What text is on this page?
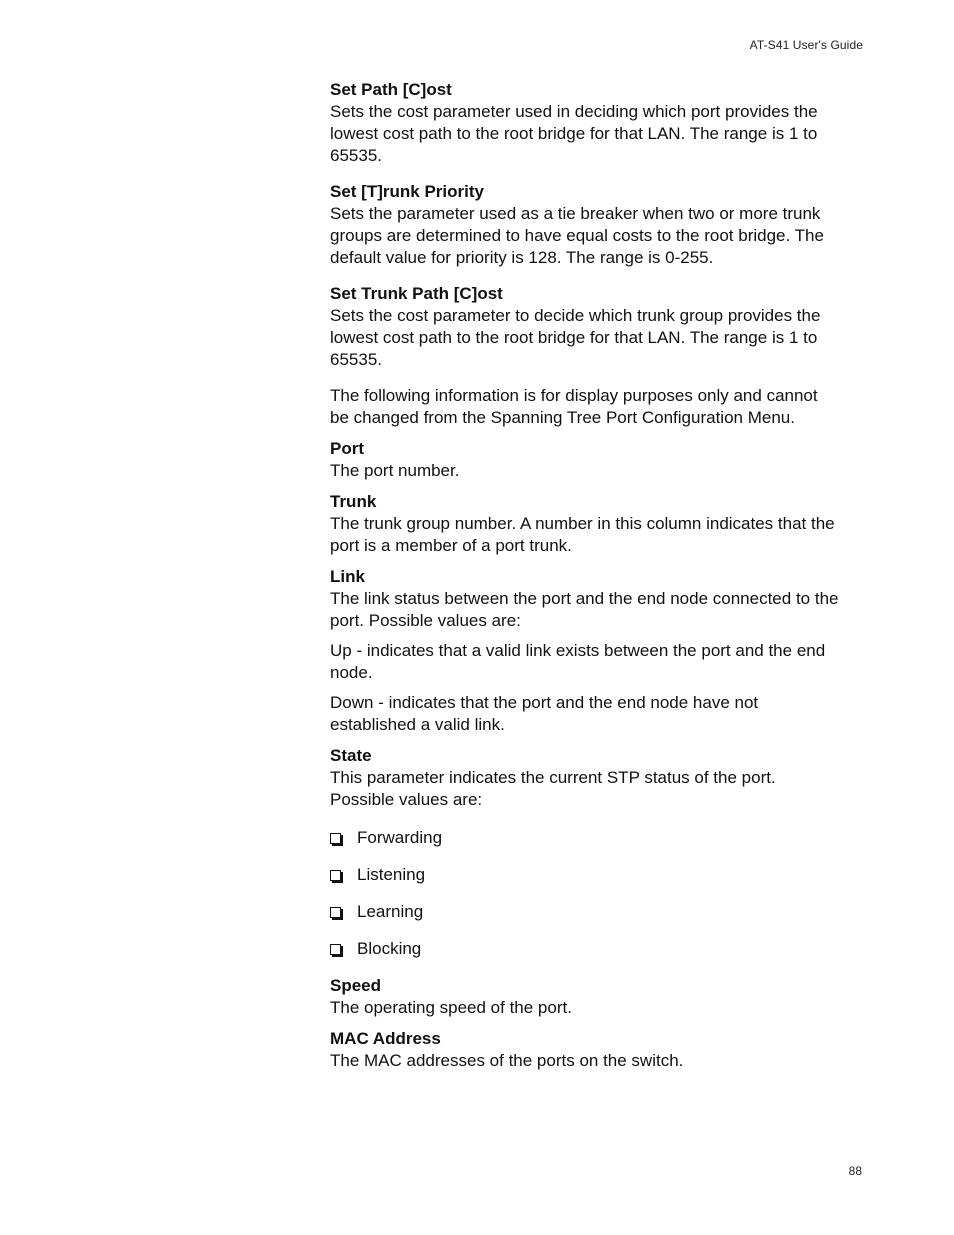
AT-S41 User's Guide
Set Path [C]ost

Sets the cost parameter used in deciding which port provides the lowest cost path to the root bridge for that LAN. The range is 1 to 65535.

Set [T]runk Priority

Sets the parameter used as a tie breaker when two or more trunk groups are determined to have equal costs to the root bridge. The default value for priority is 128. The range is 0-255.

Set Trunk Path [C]ost

Sets the cost parameter to decide which trunk group provides the lowest cost path to the root bridge for that LAN. The range is 1 to 65535.

The following information is for display purposes only and cannot be changed from the Spanning Tree Port Configuration Menu.

Port

The port number.

Trunk

The trunk group number. A number in this column indicates that the port is a member of a port trunk.

Link

The link status between the port and the end node connected to the port. Possible values are:

Up - indicates that a valid link exists between the port and the end node.

Down - indicates that the port and the end node have not established a valid link.

State

This parameter indicates the current STP status of the port. Possible values are:

Forwarding
Listening
Learning
Blocking
Speed

The operating speed of the port.

MAC Address

The MAC addresses of the ports on the switch.

88
